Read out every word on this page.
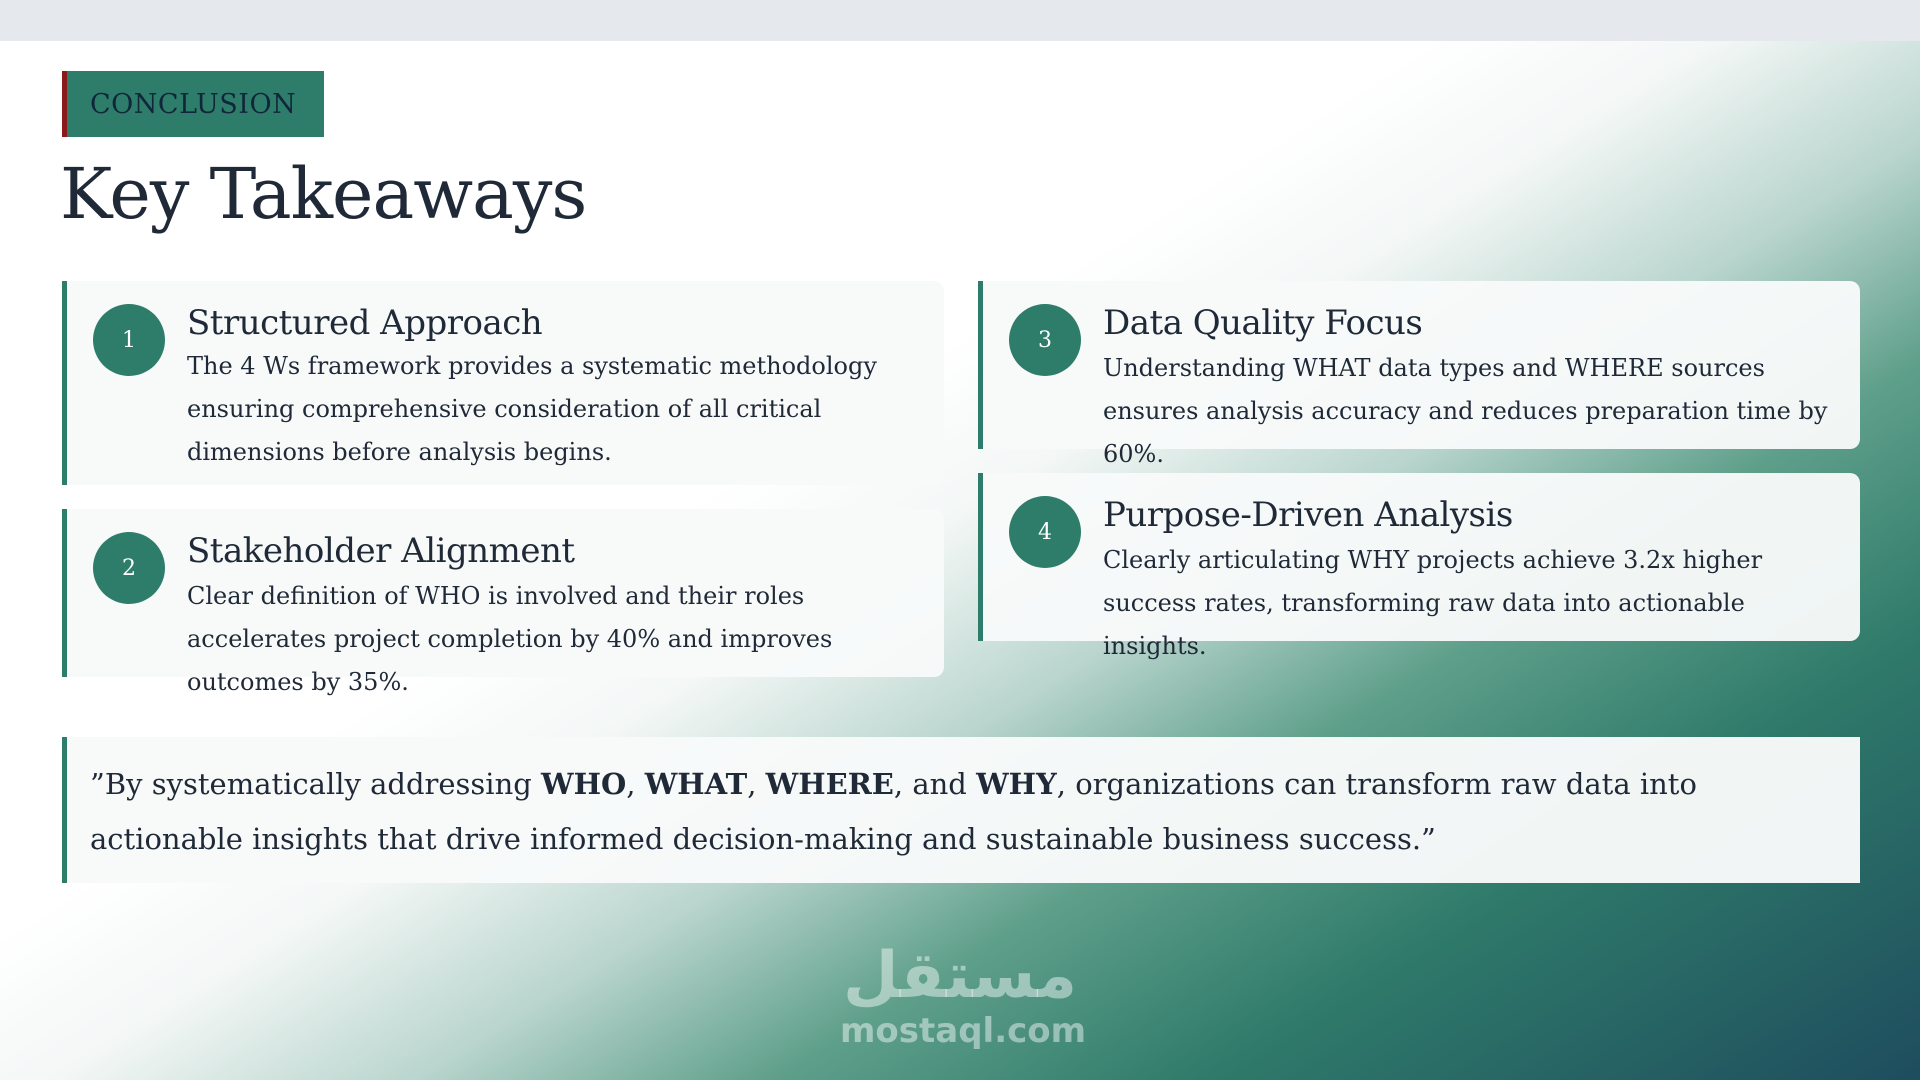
CONCLUSION
Key Takeaways
1	Structured Approach
The 4 Ws framework provides a systematic methodology ensuring comprehensive consideration of all critical dimensions before analysis begins.
2	Stakeholder Alignment
Clear definition of WHO is involved and their roles accelerates project completion by 40% and improves outcomes by 35%.
3	Data Quality Focus
Understanding WHAT data types and WHERE sources ensures analysis accuracy and reduces preparation time by 60%.
4	Purpose-Driven Analysis
Clearly articulating WHY projects achieve 3.2x higher success rates, transforming raw data into actionable insights.
”By systematically addressing WHO, WHAT, WHERE, and WHY, organizations can transform raw data into actionable insights that drive informed decision-making and sustainable business success.”
مستقل
mostaql.com
